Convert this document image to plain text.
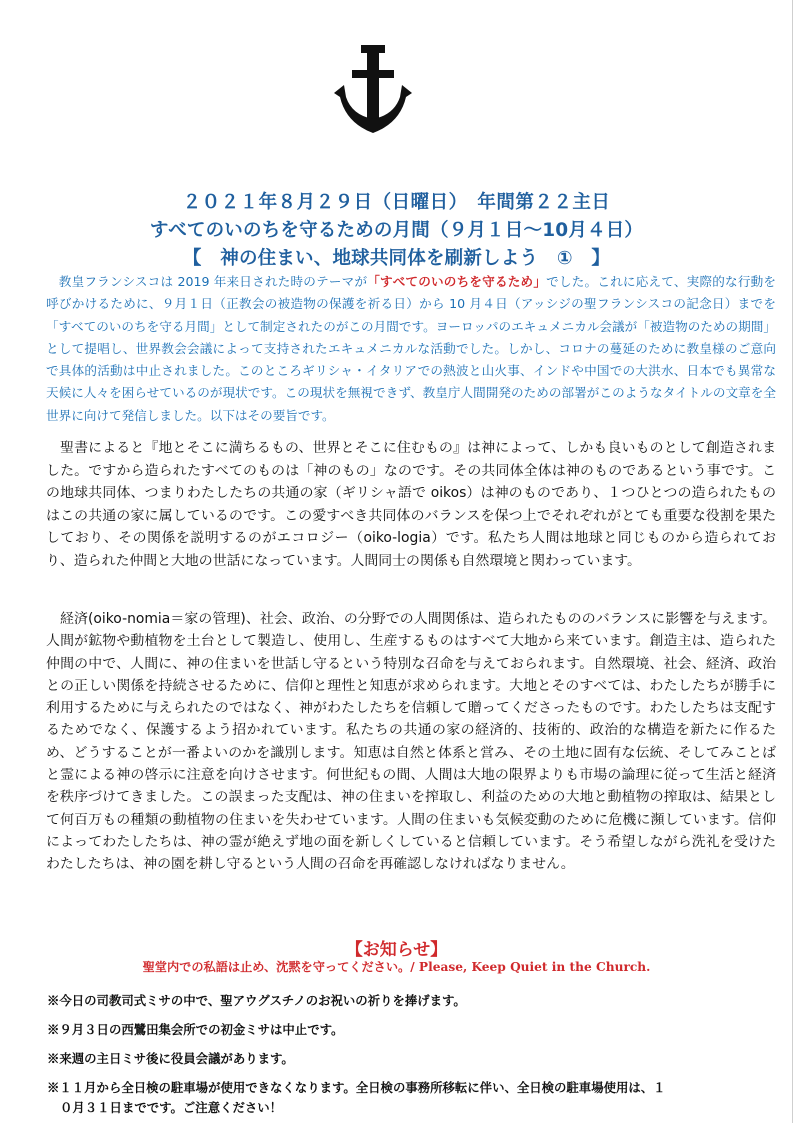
２０２１年８月２９日（日曜日）　年間第２２主日
すべてのいのちを守るための月間（９月１日〜10月４日）
【　神の住まい、地球共同体を刷新しよう　①　】
　教皇フランシスコは 2019 年来日された時のテーマが「すべてのいのちを守るため」でした。これに応えて、実際的な行動を呼びかけるために、９月１日（正教会の被造物の保護を祈る日）から 10 月４日（アッシジの聖フランシスコの記念日）までを「すべてのいのちを守る月間」として制定されたのがこの月間です。ヨーロッパのエキュメニカル会議が「被造物のための期間」として提唱し、世界教会会議によって支持されたエキュメニカルな活動でした。しかし、コロナの蔓延のために教皇様のご意向で具体的活動は中止されました。このところギリシャ・イタリアでの熱波と山火事、インドや中国での大洪水、日本でも異常な天候に人々を困らせているのが現状です。この現状を無視できず、教皇庁人間開発のための部署がこのようなタイトルの文章を全世界に向けて発信しました。以下はその要旨です。
　聖書によると『地とそこに満ちるもの、世界とそこに住むもの』は神によって、しかも良いものとして創造されました。ですから造られたすべてのものは「神のもの」なのです。その共同体全体は神のものであるという事です。この地球共同体、つまりわたしたちの共通の家（ギリシャ語で oikos）は神のものであり、１つひとつの造られたものはこの共通の家に属しているのです。この愛すべき共同体のバランスを保つ上でそれぞれがとても重要な役割を果たしており、その関係を説明するのがエコロジー（oiko-logia）です。私たち人間は地球と同じものから造られており、造られた仲間と大地の世話になっています。人間同士の関係も自然環境と関わっています。
　経済(oiko-nomia＝家の管理)、社会、政治、の分野での人間関係は、造られたもののバランスに影響を与えます。人間が鉱物や動植物を土台として製造し、使用し、生産するものはすべて大地から来ています。創造主は、造られた仲間の中で、人間に、神の住まいを世話し守るという特別な召命を与えておられます。自然環境、社会、経済、政治との正しい関係を持続させるために、信仰と理性と知恵が求められます。大地とそのすべては、わたしたちが勝手に利用するために与えられたのではなく、神がわたしたちを信頼して贈ってくださったものです。わたしたちは支配するためでなく、保護するよう招かれています。私たちの共通の家の経済的、技術的、政治的な構造を新たに作るため、どうすることが一番よいのかを識別します。知恵は自然と体系と営み、その土地に固有な伝統、そしてみことばと霊による神の啓示に注意を向けさせます。何世紀もの間、人間は大地の限界よりも市場の論理に従って生活と経済を秩序づけてきました。この誤まった支配は、神の住まいを搾取し、利益のための大地と動植物の搾取は、結果として何百万もの種類の動植物の住まいを失わせています。人間の住まいも気候変動のために危機に瀕しています。信仰によってわたしたちは、神の霊が絶えず地の面を新しくしていると信頼しています。そう希望しながら洗礼を受けたわたしたちは、神の園を耕し守るという人間の召命を再確認しなければなりません。
【お知らせ】
聖堂内での私語は止め、沈黙を守ってください。/ Please, Keep Quiet in the Church.
※今日の司教司式ミサの中で、聖アウグスチノのお祝いの祈りを捧げます。
※９月３日の西鷺田集会所での初金ミサは中止です。
※来週の主日ミサ後に役員会議があります。
※１１月から全日検の駐車場が使用できなくなります。全日検の事務所移転に伴い、全日検の駐車場使用は、１
０月３１日までです。ご注意ください！
